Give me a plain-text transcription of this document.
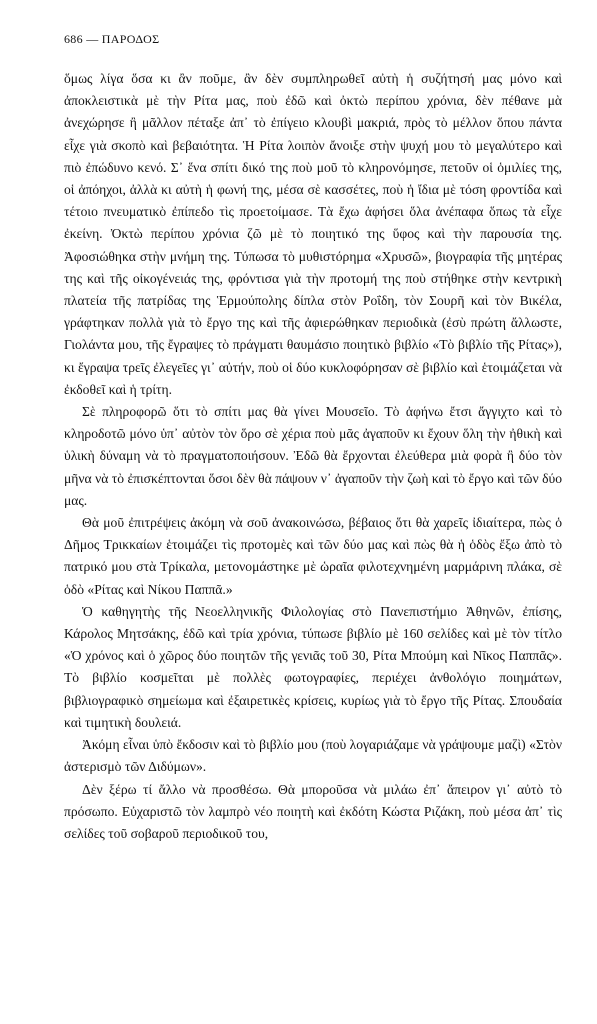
686 — ΠΑΡΟΔΟΣ

ὅμως λίγα ὅσα κι ἂν ποῦμε, ἂν δὲν συμπληρωθεῖ αὐτὴ ἡ συζήτησή μας μόνο καὶ ἀποκλειστικὰ μὲ τὴν Ρίτα μας, ποὺ ἐδῶ καὶ ὀκτὼ περίπου χρόνια, δὲν πέθανε μὰ ἀνεχώρησε ἢ μᾶλλον πέταξε ἀπ᾿ τὸ ἐπίγειο κλουβὶ μακριά, πρὸς τὸ μέλλον ὅπου πάντα εἶχε γιὰ σκοπὸ καὶ βεβαιότητα. Ἡ Ρίτα λοιπὸν ἄνοιξε στὴν ψυχή μου τὸ μεγαλύτερο καὶ πιὸ ἐπώδυνο κενό. Σ᾿ ἕνα σπίτι δικό της ποὺ μοῦ τὸ κληρονόμησε, πετοῦν οἱ ὁμιλίες της, οἱ ἀπόηχοι, ἀλλὰ κι αὐτὴ ἡ φωνή της, μέσα σὲ κασσέτες, ποὺ ἡ ἴδια μὲ τόση φροντίδα καὶ τέτοιο πνευματικὸ ἐπίπεδο τὶς προετοίμασε. Τὰ ἔχω ἀφήσει ὅλα ἀνέπαφα ὅπως τὰ εἶχε ἐκείνη. Ὀκτὼ περίπου χρόνια ζῶ μὲ τὸ ποιητικό της ὕφος καὶ τὴν παρουσία της. Ἀφοσιώθηκα στὴν μνήμη της. Τύπωσα τὸ μυθιστόρημα «Χρυσῶ», βιογραφία τῆς μητέρας της καὶ τῆς οἰκογένειάς της, φρόντισα γιὰ τὴν προτομή της ποὺ στήθηκε στὴν κεντρικὴ πλατεία τῆς πατρίδας της Ἑρμούπολης δίπλα στὸν Ροΐδη, τὸν Σουρῆ καὶ τὸν Βικέλα, γράφτηκαν πολλὰ γιὰ τὸ ἔργο της καὶ τῆς ἀφιερώθηκαν περιοδικὰ (ἐσὺ πρώτη ἄλλωστε, Γιολάντα μου, τῆς ἔγραψες τὸ πράγματι θαυμάσιο ποιητικὸ βιβλίο «Τὸ βιβλίο τῆς Ρίτας»), κι ἔγραψα τρεῖς ἐλεγεῖες γι᾿ αὐτήν, ποὺ οἱ δύο κυκλοφόρησαν σὲ βιβλίο καὶ ἑτοιμάζεται νὰ ἐκδοθεῖ καὶ ἡ τρίτη.

Σὲ πληροφορῶ ὅτι τὸ σπίτι μας θὰ γίνει Μουσεῖο. Τὸ ἀφήνω ἔτσι ἄγγιχτο καὶ τὸ κληροδοτῶ μόνο ὑπ᾿ αὐτὸν τὸν ὅρο σὲ χέρια ποὺ μᾶς ἀγαποῦν κι ἔχουν ὅλη τὴν ἠθικὴ καὶ ὑλικὴ δύναμη νὰ τὸ πραγματοποιήσουν. Ἐδῶ θὰ ἔρχονται ἐλεύθερα μιὰ φορὰ ἢ δύο τὸν μῆνα νὰ τὸ ἐπισκέπτονται ὅσοι δὲν θὰ πάψουν ν᾿ ἀγαποῦν τὴν ζωὴ καὶ τὸ ἔργο καὶ τῶν δύο μας.

Θὰ μοῦ ἐπιτρέψεις ἀκόμη νὰ σοῦ ἀνακοινώσω, βέβαιος ὅτι θὰ χαρεῖς ἰδιαίτερα, πὼς ὁ Δῆμος Τρικκαίων ἑτοιμάζει τὶς προτομὲς καὶ τῶν δύο μας καὶ πὼς θὰ ἡ ὁδὸς ἔξω ἀπὸ τὸ πατρικό μου στὰ Τρίκαλα, μετονομάστηκε μὲ ὡραῖα φιλοτεχνημένη μαρμάρινη πλάκα, σὲ ὁδὸ «Ρίτας καὶ Νίκου Παππᾶ.»

Ὁ καθηγητὴς τῆς Νεοελληνικῆς Φιλολογίας στὸ Πανεπιστήμιο Ἀθηνῶν, ἐπίσης, Κάρολος Μητσάκης, ἐδῶ καὶ τρία χρόνια, τύπωσε βιβλίο μὲ 160 σελίδες καὶ μὲ τὸν τίτλο «Ὁ χρόνος καὶ ὁ χῶρος δύο ποιητῶν τῆς γενιᾶς τοῦ 30, Ρίτα Μπούμη καὶ Νῖκος Παππᾶς». Τὸ βιβλίο κοσμεῖται μὲ πολλὲς φωτογραφίες, περιέχει ἀνθολόγιο ποιημάτων, βιβλιογραφικὸ σημείωμα καὶ ἐξαιρετικὲς κρίσεις, κυρίως γιὰ τὸ ἔργο τῆς Ρίτας. Σπουδαία καὶ τιμητικὴ δουλειά.

Ἀκόμη εἶναι ὑπὸ ἔκδοσιν καὶ τὸ βιβλίο μου (ποὺ λογαριάζαμε νὰ γράψουμε μαζὶ) «Στὸν ἀστερισμὸ τῶν Διδύμων».

Δὲν ξέρω τί ἄλλο νὰ προσθέσω. Θὰ μποροῦσα νὰ μιλάω ἐπ᾿ ἄπειρον γι᾿ αὐτὸ τὸ πρόσωπο. Εὐχαριστῶ τὸν λαμπρὸ νέο ποιητὴ καὶ ἐκδότη Κώστα Ριζάκη, ποὺ μέσα ἀπ᾿ τὶς σελίδες τοῦ σοβαροῦ περιοδικοῦ του,
